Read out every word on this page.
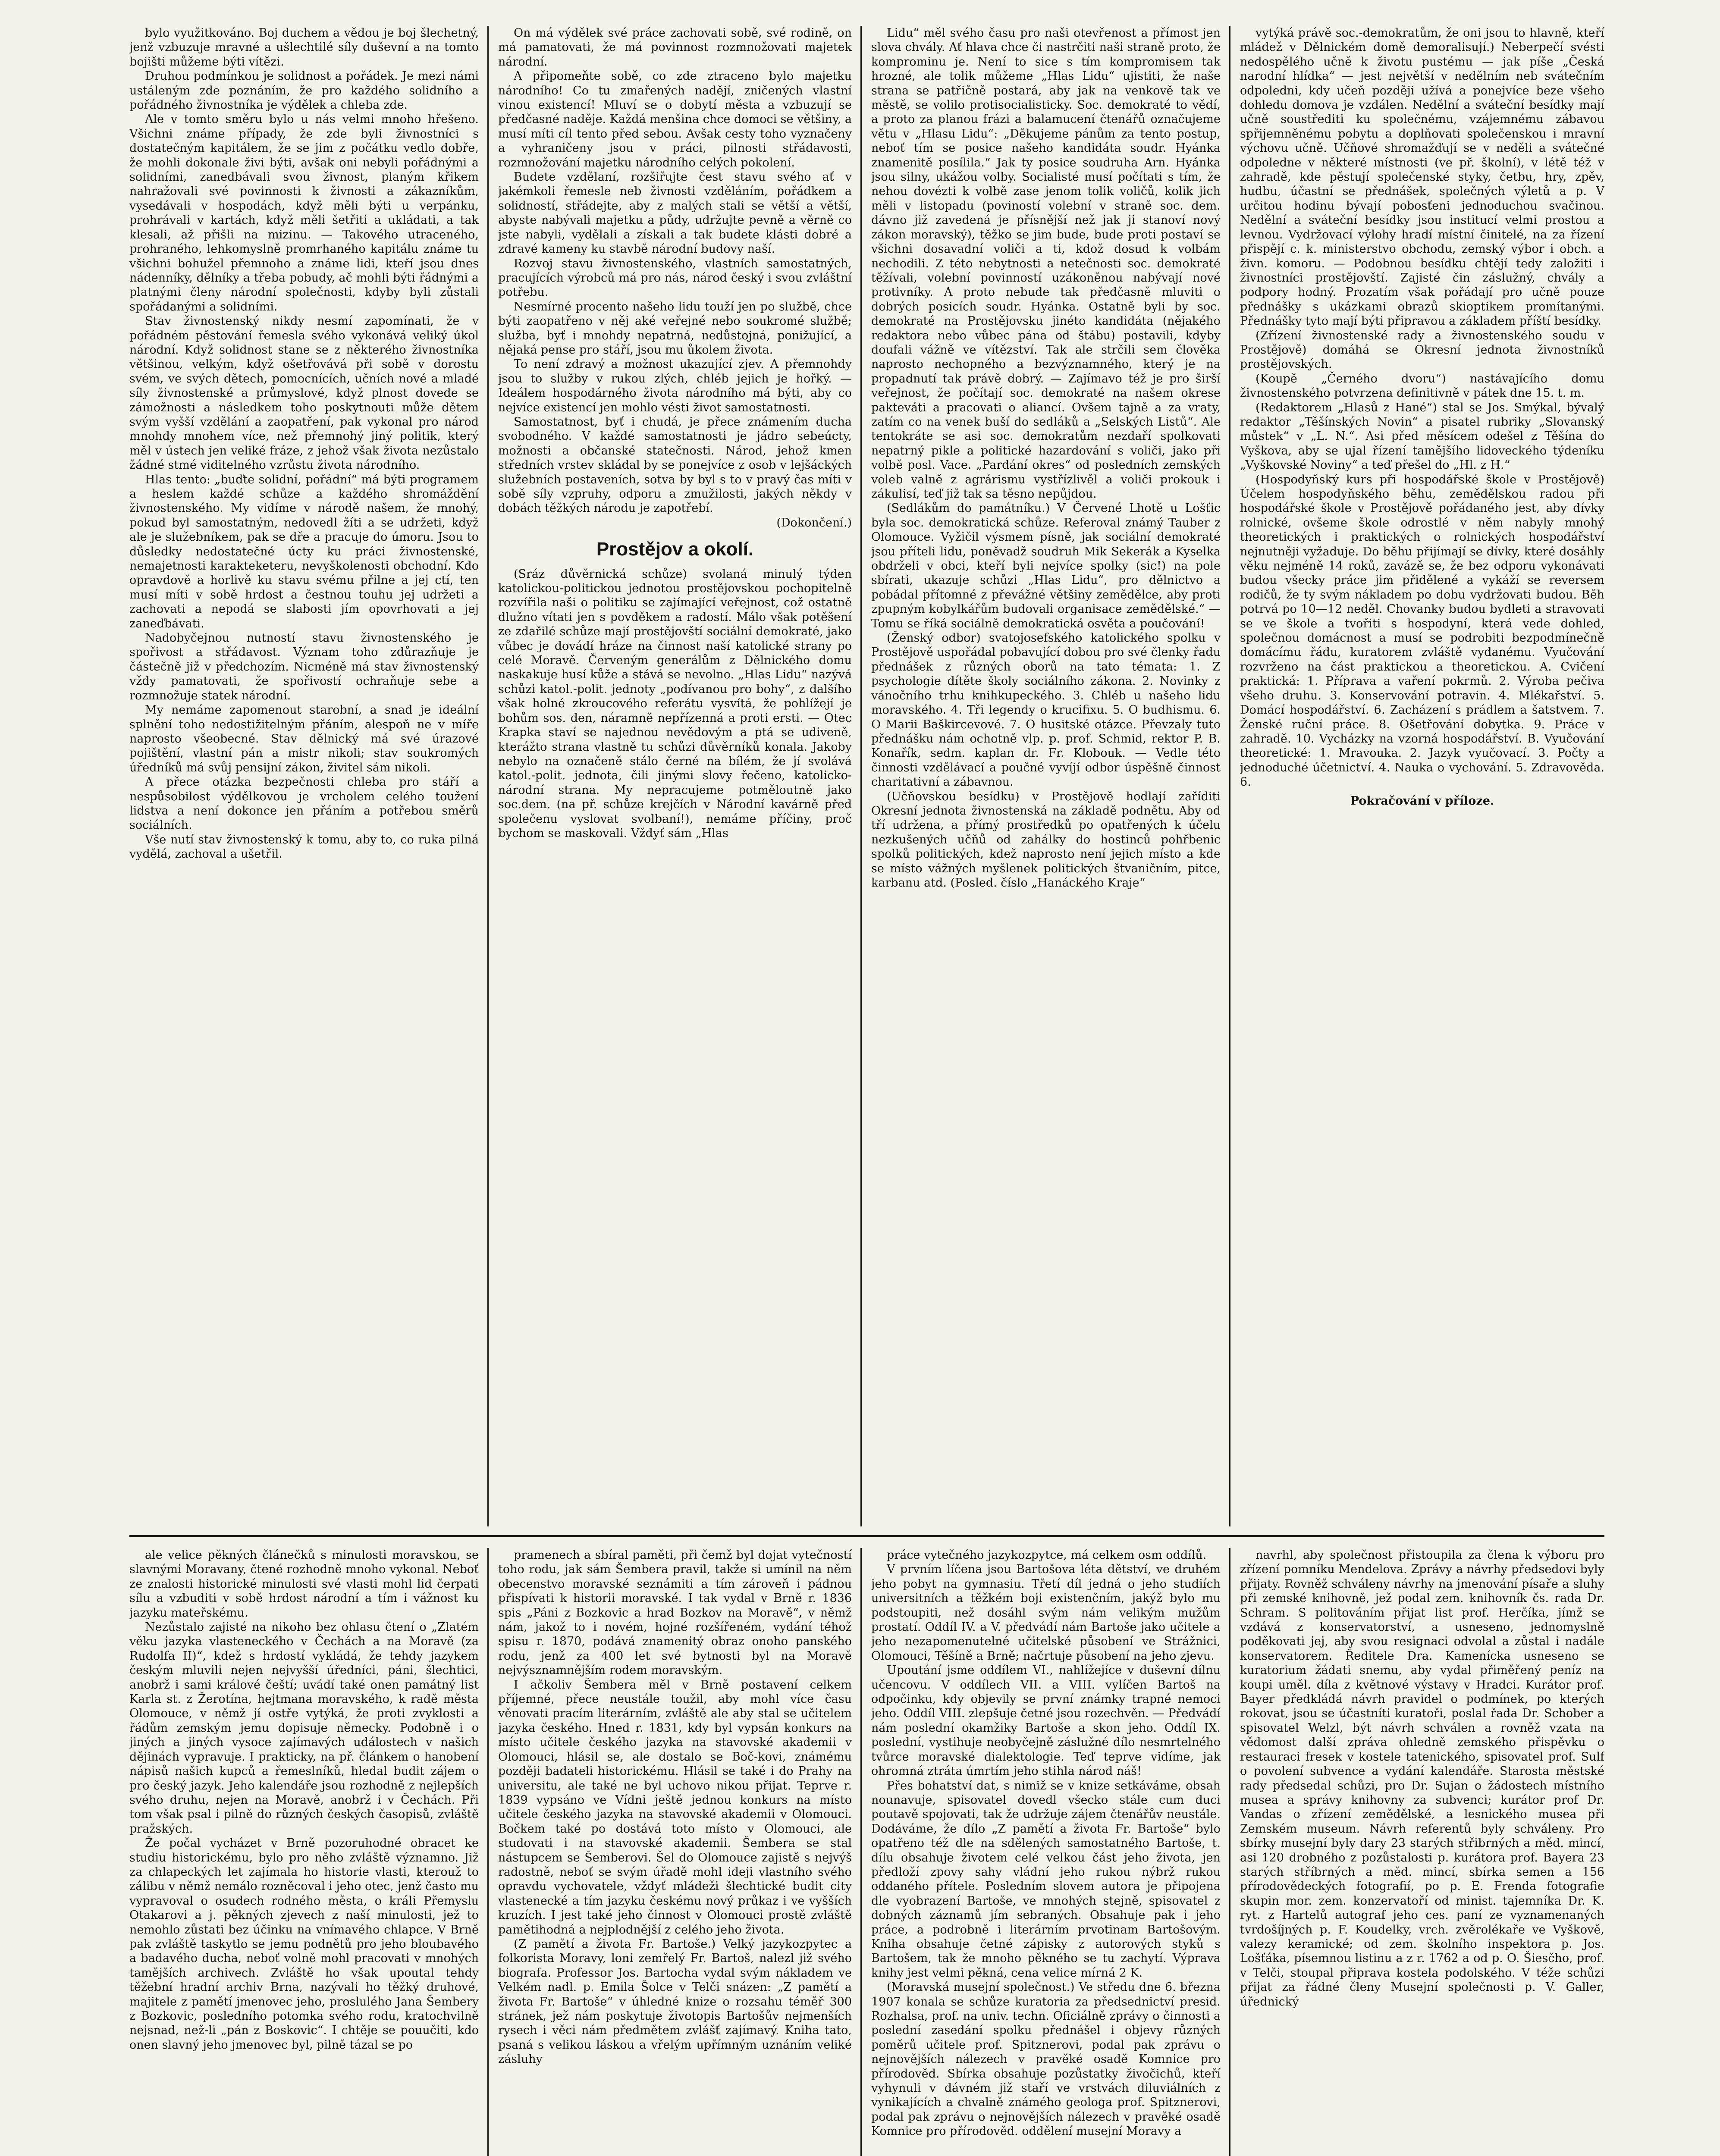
bylo využitkováno. Boj duchem a vědou je boj šlechetný, jenž vzbuzuje mravné a ušlechtilé síly duševní a na tomto bojišti můžeme býti vítězi.

Druhou podmínkou je solidnost a pořádek. Je mezi námi ustáleným zde poznáním, že pro každého solidního a pořádného živnostníka je výdělek a chleba zde.

Ale v tomto směru bylo u nás velmi mnoho hřešeno. Všichni známe případy, že zde byli živnostníci s dostatečným kapitálem, že se jim z počátku vedlo dobře, že mohli dokonale živi býti, avšak oni nebyli pořádnými a solidními, zanedbávali svou živnost, planým křikem nahražovali své povinnosti k živnosti a zákazníkům, vysedávali v hospodách, když měli býti u verpánku, prohrávali v kartách, když měli šetřiti a ukládati, a tak klesali, až přišli na mizinu. — Takového utraceného, prohraného, lehkomyslně promrhaného kapitálu známe tu všichni bohužel přemnoho a známe lidi, kteří jsou dnes nádenníky, dělníky a třeba pobudy, ač mohli býti řádnými a platnými členy národní společnosti, kdyby byli zůstali spořádanými a solidními.

Stav živnostenský nikdy nesmí zapomínati, že v pořádném pěstování řemesla svého vykonává veliký úkol národní. Když solidnost stane se z některého živnostníka většinou, velkým, když ošetřovává při sobě v dorostu svém, ve svých dětech, pomocnících, učních nové a mladé síly živnostenské a průmyslové, když plnost dovede se zámožnosti a následkem toho poskytnouti může dětem svým vyšší vzdělání a zaopatření, pak vykonal pro národ mnohdy mnohem více, než přemnohý jiný politik, který měl v ústech jen veliké fráze, z jehož však života nezůstalo žádné stmé viditelného vzrůstu života národního.

Hlas tento: „buďte solidní, pořádní“ má býti programem a heslem každé schůze a každého shromáždění živnostenského. My vidíme v národě našem, že mnohý, pokud byl samostatným, nedovedl žíti a se udržeti, když ale je služebníkem, pak se dře a pracuje do úmoru. Jsou to důsledky nedostatečné úcty ku práci živnostenské, nemajetnosti karakteketeru, nevyškolenosti obchodní. Kdo opravdově a horlivě ku stavu svému přilne a jej ctí, ten musí míti v sobě hrdost a čestnou touhu jej udržeti a zachovati a nepodá se slabosti jím opovrhovati a jej zaneďbávati.

Nadobyčejnou nutností stavu živnostenského je spořivost a střádavost. Význam toho zdůrazňuje je částečně již v předchozím. Nicméně má stav živnostenský vždy pamatovati, že spořivostí ochraňuje sebe a rozmnožuje statek národní.

My nemáme zapomenout starobní, a snad je ideální splnění toho nedostižitelným přáním, alespoň ne v míře naprosto všeobecné. Stav dělnický má své úrazové pojištění, vlastní pán a mistr nikoli; stav soukromých úředníků má svůj pensijní zákon, živitel sám nikoli.

A přece otázka bezpečnosti chleba pro stáří a nespůsobilost výdělkovou je vrcholem celého toužení lidstva a není dokonce jen přáním a potřebou směrů sociálních.

Vše nutí stav živnostenský k tomu, aby to, co ruka pilná vydělá, zachoval a ušetřil.

On má výdělek své práce zachovati sobě, své rodině, on má pamatovati, že má povinnost rozmnožovati majetek národní.

A připomeňte sobě, co zde ztraceno bylo majetku národního! Co tu zmařených nadějí, zničených vlastní vinou existencí! Mluví se o dobytí města a vzbuzují se předčasné naděje. Každá menšina chce domoci se většiny, a musí míti cíl tento před sebou. Avšak cesty toho vyznačeny a vyhraničeny jsou v práci, pilnosti střádavosti, rozmnožování majetku národního celých pokolení.

Budete vzdělaní, rozšiřujte čest stavu svého ať v jakémkoli řemesle neb živnosti vzděláním, pořádkem a solidností, střádejte, aby z malých stali se větší a větší, abyste nabývali majetku a půdy, udržujte pevně a věrně co jste nabyli, vydělali a získali a tak budete klásti dobré a zdravé kameny ku stavbě národní budovy naší.

Rozvoj stavu živnostenského, vlastních samostatných, pracujících výrobců má pro nás, národ český i svou zvláštní potřebu.

Nesmírné procento našeho lidu touží jen po službě, chce býti zaopatřeno v něj aké veřejné nebo soukromé službě; služba, byť i mnohdy nepatrná, nedůstojná, ponižující, a nějaká pense pro stáří, jsou mu ůkolem života.

To není zdravý a možnost ukazující zjev. A přemnohdy jsou to služby v rukou zlých, chléb jejich je hořký. — Ideálem hospodárného života národního má býti, aby co nejvíce existencí jen mohlo vésti život samostatnosti.

Samostatnost, byť i chudá, je přece známením ducha svobodného. V každé samostatnosti je jádro sebeúcty, možnosti a občanské statečnosti. Národ, jehož kmen středních vrstev skládal by se ponejvíce z osob v lejšáckých služebních postaveních, sotva by byl s to v pravý čas míti v sobě síly vzpruhy, odporu a zmužilosti, jakých někdy v dobách těžkých národu je zapotřebí.

(Dokončení.)

Prostějov a okolí.

(Sráz důvěrnická schůze) svolaná minulý týden katolickou-politickou jednotou prostějovskou pochopitelně rozvířila naši o politiku se zajímající veřejnost, což ostatně dlužno vítati jen s povděkem a radostí. Málo však potěšení ze zdařilé schůze mají prostějovští sociální demokraté, jako vůbec je dovádí hráze na činnost naší katolické strany po celé Moravě. Červeným generálům z Dělnického domu naskakuje husí kůže a stává se nevolno. „Hlas Lidu“ nazývá schůzi katol.-polit. jednoty „podívanou pro bohy“, z dalšího však holné zkroucového referátu vysvítá, že pohlížejí je bohům sos. den, náramně nepřízenná a proti ersti. — Otec Krapka staví se najednou nevědovým a ptá se udiveně, kterážto strana vlastně tu schůzi důvěrníků konala. Jakoby nebylo na označeně stálo černé na bílém, že jí svolává katol.-polit. jednota, čili jinými slovy řečeno, katolicko-národní strana. My nepracujeme potměloutně jako soc.dem. (na př. schůze krejčích v Národní kavárně před společenu vyslovat svolbaní!), nemáme příčiny, proč bychom se maskovali. Vždyť sám „Hlas

Lidu“ měl svého času pro naši otevřenost a přímost jen slova chvály. Ať hlava chce či nastrčiti naši straně proto, že komprominu je. Není to sice s tím kompromisem tak hrozné, ale tolik můžeme „Hlas Lidu“ ujistiti, že naše strana se patřičně postará, aby jak na venkově tak ve městě, se volilo protisocialisticky. Soc. demokraté to vědí, a proto za planou frázi a balamucení čtenářů označujeme větu v „Hlasu Lidu“: „Děkujeme pánům za tento postup, neboť tím se posice našeho kandidáta soudr. Hyánka znamenitě posílila.“ Jak ty posice soudruha Arn. Hyánka jsou silny, ukážou volby. Socialisté musí počítati s tím, že nehou dovézti k volbě zase jenom tolik voličů, kolik jich měli v listopadu (poviností volební v straně soc. dem. dávno již zavedená je přísnější než jak ji stanoví nový zákon moravský), těžko se jim bude, bude proti postaví se všichni dosavadní voliči a ti, kdož dosud k volbám nechodili. Z této nebytnosti a netečnosti soc. demokraté těžívali, volební povinností uzákoněnou nabývají nové protivníky. A proto nebude tak předčasně mluviti o dobrých posicích soudr. Hyánka. Ostatně byli by soc. demokraté na Prostějovsku jinéto kandidáta (nějakého redaktora nebo vůbec pána od štábu) postavili, kdyby doufali vážně ve vítězství. Tak ale strčili sem člověka naprosto nechopného a bezvýznamného, který je na propadnutí tak právě dobrý. — Zajímavo též je pro širší veřejnost, že počítají soc. demokraté na našem okrese pakteváti a pracovati o aliancí. Ovšem tajně a za vraty, zatím co na venek buší do sedláků a „Selských Listů“. Ale tentokráte se asi soc. demokratům nezdaří spolkovati nepatrný pikle a politické hazardování s voliči, jako při volbě posl. Vace. „Pardání okres“ od posledních zemských voleb valně z agrárismu vystřízlivěl a voliči prokouk i zákulisí, teď již tak sa těsno nepůjdou.

(Sedlákům do památníku.) V Červené Lhotě u Lošťic byla soc. demokratická schůze. Referoval známý Tauber z Olomouce. Vyžičil výsmem písně, jak sociální demokraté jsou příteli lidu, poněvadž soudruh Mik Sekerák a Kyselka obdrželi v obci, kteří byli nejvíce spolky (sic!) na pole sbírati, ukazuje schůzi „Hlas Lidu“, pro dělnictvo a pobádal přítomné z převážné většiny zemědělce, aby proti zpupným kobylkářům budovali organisace zemědělské.“ — Tomu se říká sociálně demokratická osvěta a poučování!

(Ženský odbor) svatojosefského katolického spolku v Prostějově uspořádal pobavující dobou pro své členky řadu přednášek z různých oborů na tato témata: 1. Z psychologie dítěte školy sociálního zákona. 2. Novinky z vánočního trhu knihkupeckého. 3. Chléb u našeho lidu moravského. 4. Tři legendy o krucifixu. 5. O budhismu. 6. O Marii Baškircevové. 7. O husitské otázce. Převzaly tuto přednášku nám ochotně vlp. p. prof. Schmid, rektor P. B. Konařík, sedm. kaplan dr. Fr. Klobouk. — Vedle této činnosti vzdělávací a poučné vyvíjí odbor úspěšně činnost charitativní a zábavnou.

(Učňovskou besídku) v Prostějově hodlají zaříditi Okresní jednota živnostenská na základě podnětu. Aby od tří udržena, a přímý prostředků po opatřených k účelu nezkušených učňů od zahálky do hostinců pohřbenic spolků politických, kdež naprosto není jejich místo a kde se místo vážných myšlenek politických štvaničním, pitce, karbanu atd. (Posled. číslo „Hanáckého Kraje“

vytýká právě soc.-demokratům, že oni jsou to hlavně, kteří mládež v Dělnickém domě demoralisují.) Neberpečí svésti nedospělého učně k životu pustému — jak píše „Česká narodní hlídka“ — jest největší v nedělním neb svátečním odpoledni, kdy učeň později užívá a ponejvíce beze všeho dohledu domova je vzdálen. Nedělní a sváteční besídky mají učně soustřediti ku společnému, vzájemnému zábavou spřijemněnému pobytu a doplňovati společenskou i mravní výchovu učně. Učňové shromažďují se v neděli a svátečné odpoledne v některé místnosti (ve př. školní), v létě též v zahradě, kde pěstují společenské styky, četbu, hry, zpěv, hudbu, účastní se přednášek, společných výletů a p. V určitou hodinu bývají pobosťeni jednoduchou svačinou. Nedělní a sváteční besídky jsou institucí velmi prostou a levnou. Vydržovací výlohy hradí místní činitelé, na za řízení přispějí c. k. ministerstvo obchodu, zemský výbor i obch. a živn. komoru. — Podobnou besídku chtějí tedy založiti i živnostníci prostějovští. Zajisté čin záslužný, chvály a podpory hodný. Prozatím však pořádají pro učně pouze přednášky s ukázkami obrazů skioptikem promítanými. Přednášky tyto mají býti připravou a základem příští besídky.

(Zřízení živnostenské rady a živnostenského soudu v Prostějově) domáhá se Okresní jednota živnostníků prostějovských.

(Koupě „Černého dvoru“) nastávajícího domu živnostenského potvrzena definitivně v pátek dne 15. t. m.

(Redaktorem „Hlasů z Hané“) stal se Jos. Smýkal, bývalý redaktor „Těšínských Novin“ a pisatel rubriky „Slovanský můstek“ v „L. N.“. Asi před měsícem odešel z Těšína do Vyškova, aby se ujal řízení tamějšího lidoveckého týdeníku „Vyškovské Noviny“ a teď přešel do „Hl. z H.“

(Hospodyňský kurs při hospodářské škole v Prostějově) Účelem hospodyňského běhu, zemědělskou radou při hospodářské škole v Prostějově pořádaného jest, aby dívky rolnické, ovšeme škole odrostlé v něm nabyly mnohý theoretických i praktických o rolnických hospodářství nejnutněji vyžaduje. Do běhu přijímají se dívky, které dosáhly věku nejméně 14 roků, zavázě se, že bez odporu vykonávati budou všecky práce jim přidělené a vykáží se reversem rodičů, že ty svým nákladem po dobu vydržovati budou. Běh potrvá po 10—12 neděl. Chovanky budou bydleti a stravovati se ve škole a tvořiti s hospodyní, která vede dohled, společnou domácnost a musí se podrobiti bezpodmínečně domácímu řádu, kuratorem zvláště vydanému. Vyučování rozvrženo na část praktickou a theoretickou. A. Cvičení praktická: 1. Příprava a vaření pokrmů. 2. Výroba pečiva všeho druhu. 3. Konservování potravin. 4. Mlékařství. 5. Domácí hospodářství. 6. Zacházení s prádlem a šatstvem. 7. Ženské ruční práce. 8. Ošetřování dobytka. 9. Práce v zahradě. 10. Vycházky na vzorná hospodářství. B. Vyučování theoretické: 1. Mravouka. 2. Jazyk vyučovací. 3. Počty a jednoduché účetnictví. 4. Nauka o vychování. 5. Zdravověda. 6.

Pokračování v příloze.

ale velice pěkných článečků s minulosti moravskou, se slavnými Moravany, čtené rozhodně mnoho vykonal. Neboť ze znalosti historické minulosti své vlasti mohl lid čerpati sílu a vzbuditi v sobě hrdost národní a tím i vážnost ku jazyku mateřskému.

Nezůstalo zajisté na nikoho bez ohlasu čtení o „Zlatém věku jazyka vlasteneckého v Čechách a na Moravě (za Rudolfa II)“, kdež s hrdostí vykládá, že tehdy jazykem českým mluvili nejen nejvyšší úředníci, páni, šlechtici, anobrž i sami králové čeští; uvádí také onen památný list Karla st. z Žerotína, hejtmana moravského, k radě města Olomouce, v němž jí ostře vytýká, že proti zvyklosti a řádům zemským jemu dopisuje německy. Podobně i o jiných a jiných vysoce zajímavých událostech v našich dějinách vypravuje. I prakticky, na př. článkem o hanobení nápisů našich kupců a řemeslníků, hledal budit zájem o pro český jazyk. Jeho kalendáře jsou rozhodně z nejlepších svého druhu, nejen na Moravě, anobrž i v Čechách. Při tom však psal i pilně do různých českých časopisů, zvláště pražských.

Že počal vycházet v Brně pozoruhodné obracet ke studiu historickému, bylo pro něho zvláště významno. Již za chlapeckých let zajímala ho historie vlasti, kterouž to zálibu v němž nemálo rozněcoval i jeho otec, jenž často mu vypravoval o osudech rodného města, o králi Přemyslu Otakarovi a j. pěkných zjevech z naší minulosti, jež to nemohlo zůstati bez účinku na vnímavého chlapce. V Brně pak zvláště taskytlo se jemu podnětů pro jeho bloubavého a badavého ducha, neboť volně mohl pracovati v mnohých tamějších archivech. Zvláště ho však upoutal tehdy těžební hradní archiv Brna, nazývali ho těžký druhové, majitele z pamětí jmenovec jeho, proslulého Jana Šembery z Bozkovic, posledního potomka svého rodu, kratochvilně nejsnad, než-li „pán z Boskovic“. I chtěje se pouučiti, kdo onen slavný jeho jmenovec byl, pilně tázal se po

pramenech a sbíral paměti, při čemž byl dojat vytečností toho rodu, jak sám Šembera pravil, takže si umínil na něm obecenstvo moravské seznámiti a tím zároveň i pádnou přispívati k historii moravské. I tak vydal v Brně r. 1836 spis „Páni z Bozkovic a hrad Bozkov na Moravě“, v němž nám, jakož to i novém, hojné rozšířeném, vydání téhož spisu r. 1870, podává znamenitý obraz onoho panského rodu, jenž za 400 let své bytnosti byl na Moravě nejvýsznamnějším rodem moravským.

I ačkoliv Šembera měl v Brně postavení celkem příjemné, přece neustále toužil, aby mohl více času věnovati pracím literárním, zvláště ale aby stal se učitelem jazyka českého. Hned r. 1831, kdy byl vypsán konkurs na místo učitele českého jazyka na stavovské akademii v Olomouci, hlásil se, ale dostalo se Boč-kovi, známému později badateli historickému. Hlásil se také i do Prahy na universitu, ale také ne byl uchovo nikou přijat. Teprve r. 1839 vypsáno ve Vídni ještě jednou konkurs na místo učitele českého jazyka na stavovské akademii v Olomouci. Bočkem také po dostává toto místo v Olomouci, ale studovati i na stavovské akademii. Šembera se stal nástupcem se Šemberovi. Šel do Olomouce zajistě s nejvýš radostně, neboť se svým úřadě mohl ideji vlastního svého opravdu vychovatele, vždyť mládeži šlechtické budit city vlastenecké a tím jazyku českému nový průkaz i ve vyšších kruzích. I jest také jeho činnost v Olomouci prostě zvláště pamětihodná a nejplodnější z celého jeho života.

(Z pamětí a života Fr. Bartoše.) Velký jazykozpytec a folkorista Moravy, loni zemřelý Fr. Bartoš, nalezl již svého biografa. Professor Jos. Bartocha vydal svým nákladem ve Velkém nadl. p. Emila Šolce v Telči snázen: „Z pamětí a života Fr. Bartoše“ v úhledné knize o rozsahu téměř 300 stránek, jež nám poskytuje životopis Bartošův nejmenších rysech i věci nám předmětem zvlášť zajímavý. Kniha tato, psaná s velikou láskou a vřelým upřímným uznáním veliké zásluhy

práce vytečného jazykozpytce, má celkem osm oddílů.

V prvním líčena jsou Bartošova léta dětství, ve druhém jeho pobyt na gymnasiu. Třetí díl jedná o jeho studiích universitních a těžkém boji existenčním, jakýž bylo mu podstoupiti, než dosáhl svým nám velikým mužům prostatí. Oddíl IV. a V. předvádí nám Bartoše jako učitele a jeho nezapomenutelné učitelské působení ve Strážnici, Olomouci, Těšíně a Brně; načrtuje působení na jeho zjevu.

Upoutání jsme oddílem VI., nahlížejíce v duševní dílnu učencovu. V oddílech VII. a VIII. vylíčen Bartoš na odpočinku, kdy objevily se první známky trapné nemoci jeho. Oddíl VIII. zlepšuje četné jsou rozechvěn. — Předvádí nám poslední okamžiky Bartoše a skon jeho. Oddíl IX. poslední, vystihuje neobyčejně záslužné dílo nesmrtelného tvůrce moravské dialektologie. Teď teprve vidíme, jak ohromná ztráta úmrtím jeho stihla národ náš!

Přes bohatství dat, s nimiž se v knize setkáváme, obsah nounavuje, spisovatel dovedl všecko stále cum duci poutavě spojovati, tak že udržuje zájem čtenářův neustále. Dodáváme, že dílo „Z pamětí a života Fr. Bartoše“ bylo opatřeno též dle na sdělených samostatného Bartoše, t. dílu obsahuje životem celé velkou část jeho života, jen předloží zpovy sahy vládní jeho rukou nýbrž rukou oddaného přítele. Posledním slovem autora je připojena dle vyobrazení Bartoše, ve mnohých stejně, spisovatel z dobných záznamů jím sebraných. Obsahuje pak i jeho práce, a podrobně i literárním prvotinam Bartošovým. Kniha obsahuje četné zápisky z autorových styků s Bartošem, tak že mnoho pěkného se tu zachytí. Výprava knihy jest velmi pěkná, cena velice mírná 2 K.

(Moravská musejní společnost.) Ve středu dne 6. března 1907 konala se schůze kuratoria za předsednictví presid. Rozhalsa, prof. na univ. techn. Oficiálně zprávy o činnosti a poslední zasedání spolku přednášel i objevy různých poměrů učitele prof. Spitznerovi, podal pak zprávu o nejnovějších nálezech v pravěké osadě Komnice pro přírodověd. Sbírka obsahuje pozůstatky živočichů, kteří vyhynuli v dávném již staří ve vrstvách diluviálních z vynikajících a chvalně známého geologa prof. Spitznerovi, podal pak zprávu o nejnovějších nálezech v pravěké osadě Komnice pro přírodověd. oddělení musejní Moravy a

navrhl, aby společnost přistoupila za člena k výboru pro zřízení pomníku Mendelova. Zprávy a návrhy předsedovi byly přijaty. Rovněž schváleny návrhy na jmenování písaře a sluhy při zemské knihovně, jež podal zem. knihovník čs. rada Dr. Schram. S politováním přijat list prof. Herčíka, jímž se vzdává z konservatorství, a usneseno, jednomyslně poděkovati jej, aby svou resignaci odvolal a zůstal i nadále konservatorem. Ředitele Dra. Kamenícka usneseno se kuratorium žádati snemu, aby vydal přiměřený peníz na koupi uměl. díla z květnové výstavy v Hradci. Kurátor prof. Bayer předkládá návrh pravidel o podmínek, po kterých rokovat, jsou se účastníti kuratoři, poslal řada Dr. Schober a spisovatel Welzl, být návrh schválen a rovněž vzata na vědomost další zpráva ohledně zemského přispěvku o restauraci fresek v kostele tatenického, spisovatel prof. Sulf o povolení subvence a vydání kalendáře. Starosta městské rady předsedal schůzi, pro Dr. Sujan o žádostech místního musea a správy knihovny za subvenci; kurátor prof Dr. Vandas o zřízení zemědělské, a lesnického musea při Zemském museum. Návrh referentů byly schváleny. Pro sbírky musejní byly dary 23 starých střibrných a měd. mincí, asi 120 drobného z pozůstalosti p. kurátora prof. Bayera 23 starých stříbrných a měd. mincí, sbírka semen a 156 přírodovědeckých fotografií, po p. E. Frenda fotografie skupin mor. zem. konzervatoří od minist. tajemníka Dr. K. ryt. z Hartelů autograf jeho ces. paní ze vyznamenaných tvrdošíjných p. F. Koudelky, vrch. zvěrolékaře ve Vyškově, valezy keramické; od zem. školního inspektora p. Jos. Lošťáka, písemnou listinu a z r. 1762 a od p. O. Šiesčho, prof. v Telči, stoupal připrava kostela podolského. V téže schůzi přijat za řádné členy Musejní společnosti p. V. Galler, úřednický
